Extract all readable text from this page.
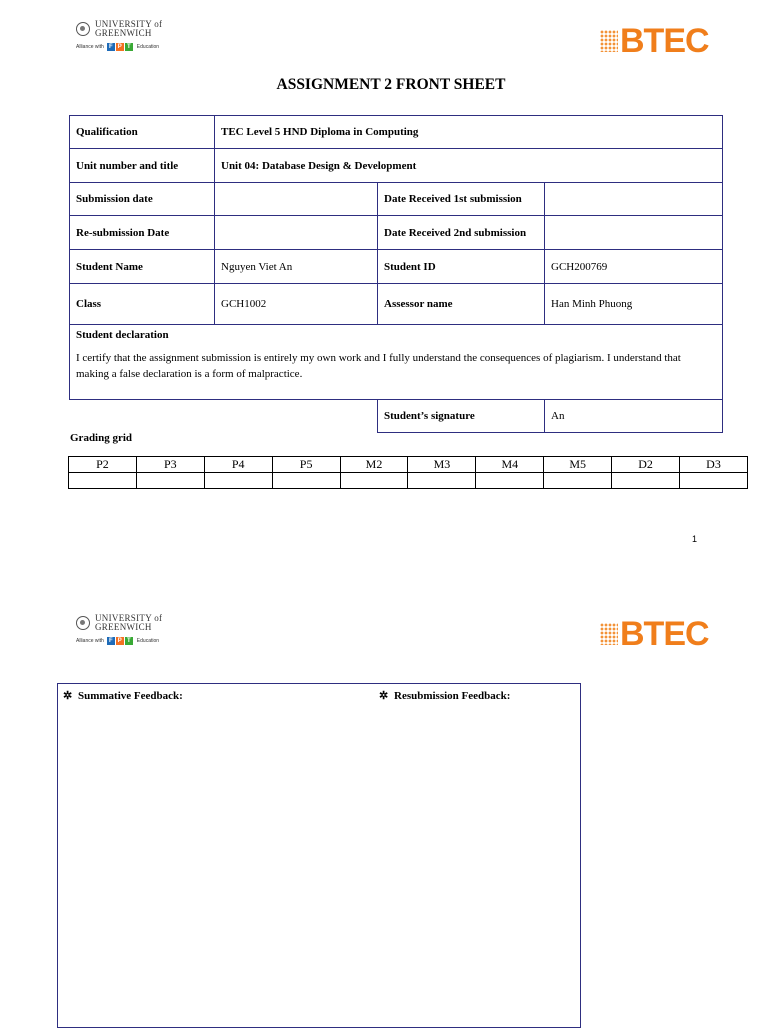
UNIVERSITY of GREENWICH
Alliance with F P T	Education	BTEC
ASSIGNMENT 2 FRONT SHEET
Qualification	TEC Level 5 HND Diploma in Computing		
Unit number and title	Unit 04: Database Design & Development		
Submission date		Date Received 1st submission	
Re-submission Date		Date Received 2nd submission	
Student Name	Nguyen Viet An	Student ID	GCH200769
Class	GCH1002	Assessor name	Han Minh Phuong

Student declaration
I certify that the assignment submission is entirely my own work and I fully understand the consequences of plagiarism. I understand that making a false declaration is a form of malpractice.			

		Student’s signature	An
Grading grid
P2	P3	P4	P5	M2	M3	M4	M5	D2	D3

1
UNIVERSITY of GREENWICH
Alliance with F P T	Education	BTEC
✲ Summative Feedback:	✲ Resubmission Feedback:
